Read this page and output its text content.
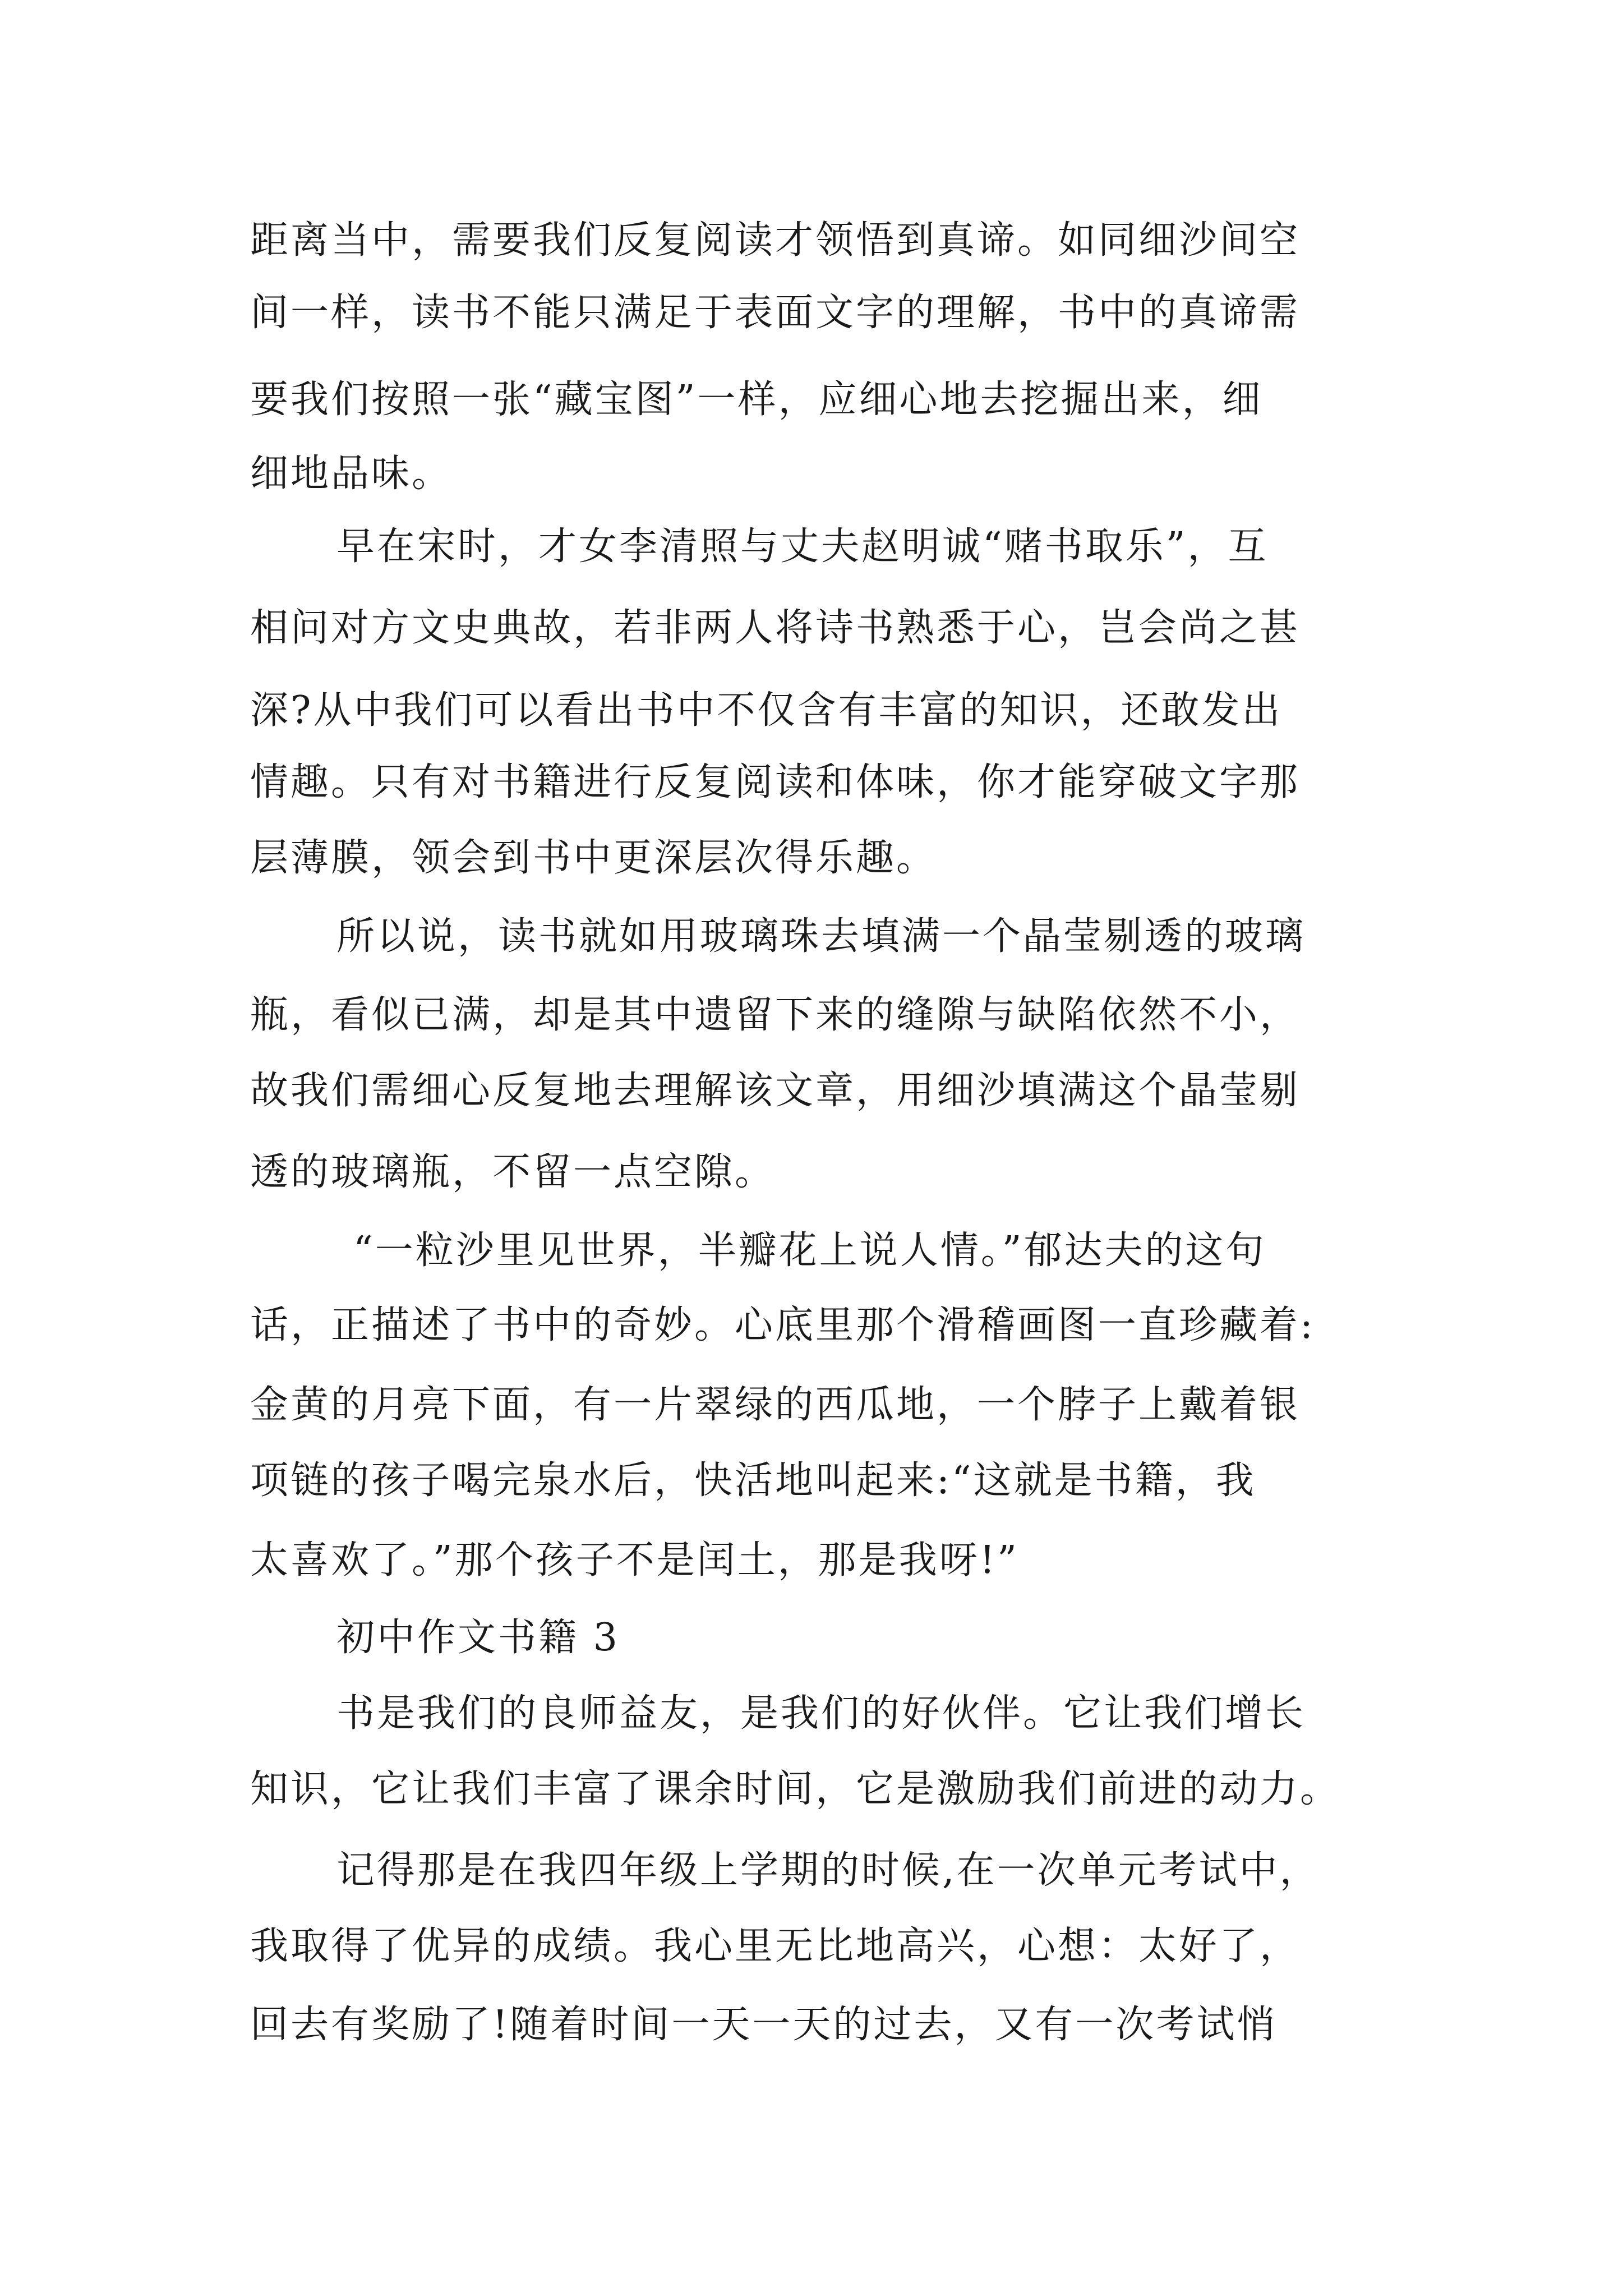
距离当中，需要我们反复阅读才领悟到真谛。如同细沙间空
间一样，读书不能只满足于表面文字的理解，书中的真谛需
要我们按照一张“藏宝图”一样，应细心地去挖掘出来，细
细地品味。
早在宋时，才女李清照与丈夫赵明诚“赌书取乐”，互
相问对方文史典故，若非两人将诗书熟悉于心，岂会尚之甚
深?从中我们可以看出书中不仅含有丰富的知识，还敢发出
情趣。只有对书籍进行反复阅读和体味，你才能穿破文字那
层薄膜，领会到书中更深层次得乐趣。
所以说，读书就如用玻璃珠去填满一个晶莹剔透的玻璃
瓶，看似已满，却是其中遗留下来的缝隙与缺陷依然不小，
故我们需细心反复地去理解该文章，用细沙填满这个晶莹剔
透的玻璃瓶，不留一点空隙。
“一粒沙里见世界，半瓣花上说人情。”郁达夫的这句
话，正描述了书中的奇妙。心底里那个滑稽画图一直珍藏着:
金黄的月亮下面，有一片翠绿的西瓜地，一个脖子上戴着银
项链的孩子喝完泉水后，快活地叫起来:“这就是书籍，我
太喜欢了。”那个孩子不是闰土，那是我呀!”
初中作文书籍 3
书是我们的良师益友，是我们的好伙伴。它让我们增长
知识，它让我们丰富了课余时间，它是激励我们前进的动力。
记得那是在我四年级上学期的时候,在一次单元考试中，
我取得了优异的成绩。我心里无比地高兴，心想：太好了，
回去有奖励了!随着时间一天一天的过去，又有一次考试悄
